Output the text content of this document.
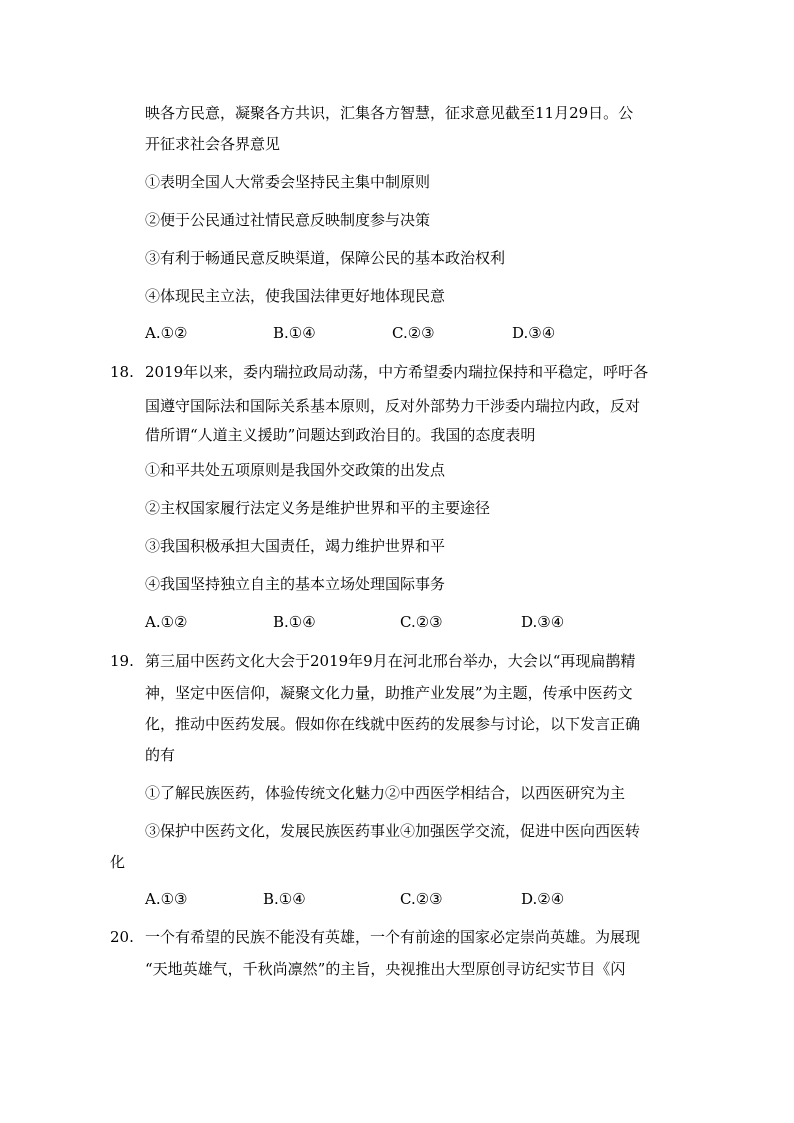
映各方民意，凝聚各方共识，汇集各方智慧，征求意见截至11月29日。公
开征求社会各界意见
①表明全国人大常委会坚持民主集中制原则
②便于公民通过社情民意反映制度参与决策
③有利于畅通民意反映渠道，保障公民的基本政治权利
④体现民主立法，使我国法律更好地体现民意
A.①②	B.①④	C.②③	D.③④
18. 2019年以来，委内瑞拉政局动荡，中方希望委内瑞拉保持和平稳定，呼吁各
国遵守国际法和国际关系基本原则，反对外部势力干涉委内瑞拉内政，反对
借所谓“人道主义援助”问题达到政治目的。我国的态度表明
①和平共处五项原则是我国外交政策的出发点
②主权国家履行法定义务是维护世界和平的主要途径
③我国积极承担大国责任，竭力维护世界和平
④我国坚持独立自主的基本立场处理国际事务
A.①②	B.①④	C.②③	D.③④
19. 第三届中医药文化大会于2019年9月在河北邢台举办，大会以“再现扁鹊精
神，坚定中医信仰，凝聚文化力量，助推产业发展”为主题，传承中医药文
化，推动中医药发展。假如你在线就中医药的发展参与讨论，以下发言正确
的有
①了解民族医药，体验传统文化魅力②中西医学相结合，以西医研究为主
③保护中医药文化，发展民族医药事业④加强医学交流，促进中医向西医转
化
A.①③	B.①④	C.②③	D.②④
20. 一个有希望的民族不能没有英雄，一个有前途的国家必定崇尚英雄。为展现
“天地英雄气，千秋尚凛然”的主旨，央视推出大型原创寻访纪实节目《闪
